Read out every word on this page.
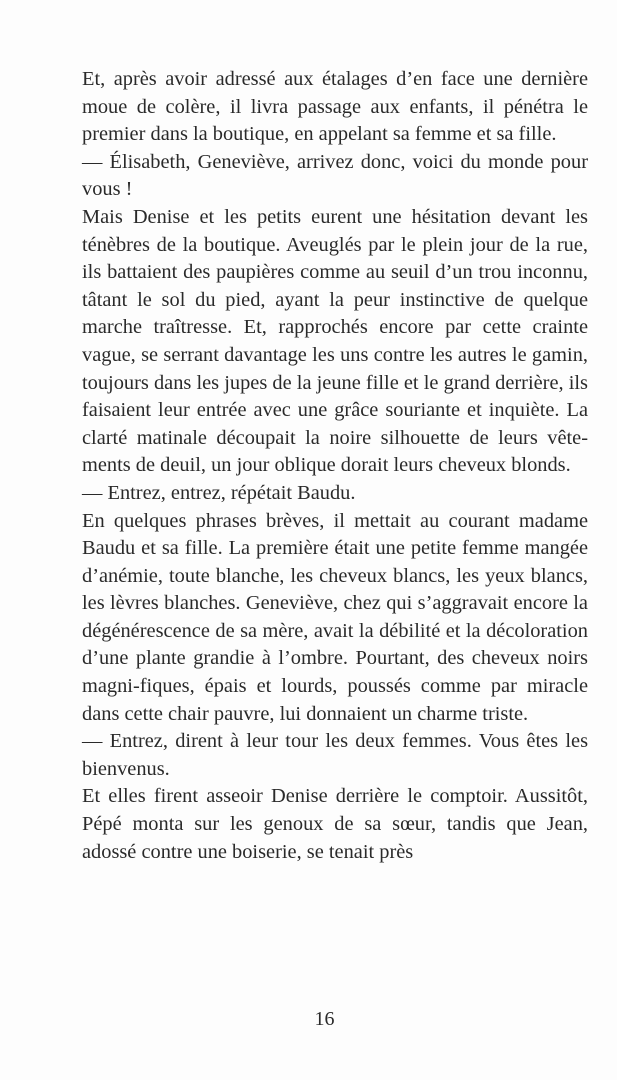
Et, après avoir adressé aux étalages d’en face une dernière moue de colère, il livra passage aux enfants, il pénétra le premier dans la boutique, en appelant sa femme et sa fille.

— Élisabeth, Geneviève, arrivez donc, voici du monde pour vous !

Mais Denise et les petits eurent une hésitation devant les ténèbres de la boutique. Aveuglés par le plein jour de la rue, ils battaient des paupières comme au seuil d’un trou inconnu, tâtant le sol du pied, ayant la peur instinctive de quelque marche traîtresse. Et, rapprochés encore par cette crainte vague, se serrant davantage les uns contre les autres le gamin, toujours dans les jupes de la jeune fille et le grand derrière, ils faisaient leur entrée avec une grâce souriante et inquiète. La clarté matinale découpait la noire silhouette de leurs vête-ments de deuil, un jour oblique dorait leurs cheveux blonds.

— Entrez, entrez, répétait Baudu.

En quelques phrases brèves, il mettait au courant madame Baudu et sa fille. La première était une petite femme mangée d’anémie, toute blanche, les cheveux blancs, les yeux blancs, les lèvres blanches. Geneviève, chez qui s’aggravait encore la dégénérescence de sa mère, avait la débilité et la décoloration d’une plante grandie à l’ombre. Pourtant, des cheveux noirs magni-fiques, épais et lourds, poussés comme par miracle dans cette chair pauvre, lui donnaient un charme triste.

— Entrez, dirent à leur tour les deux femmes. Vous êtes les bienvenus.

Et elles firent asseoir Denise derrière le comptoir. Aussitôt, Pépé monta sur les genoux de sa sœur, tandis que Jean, adossé contre une boiserie, se tenait près

16
